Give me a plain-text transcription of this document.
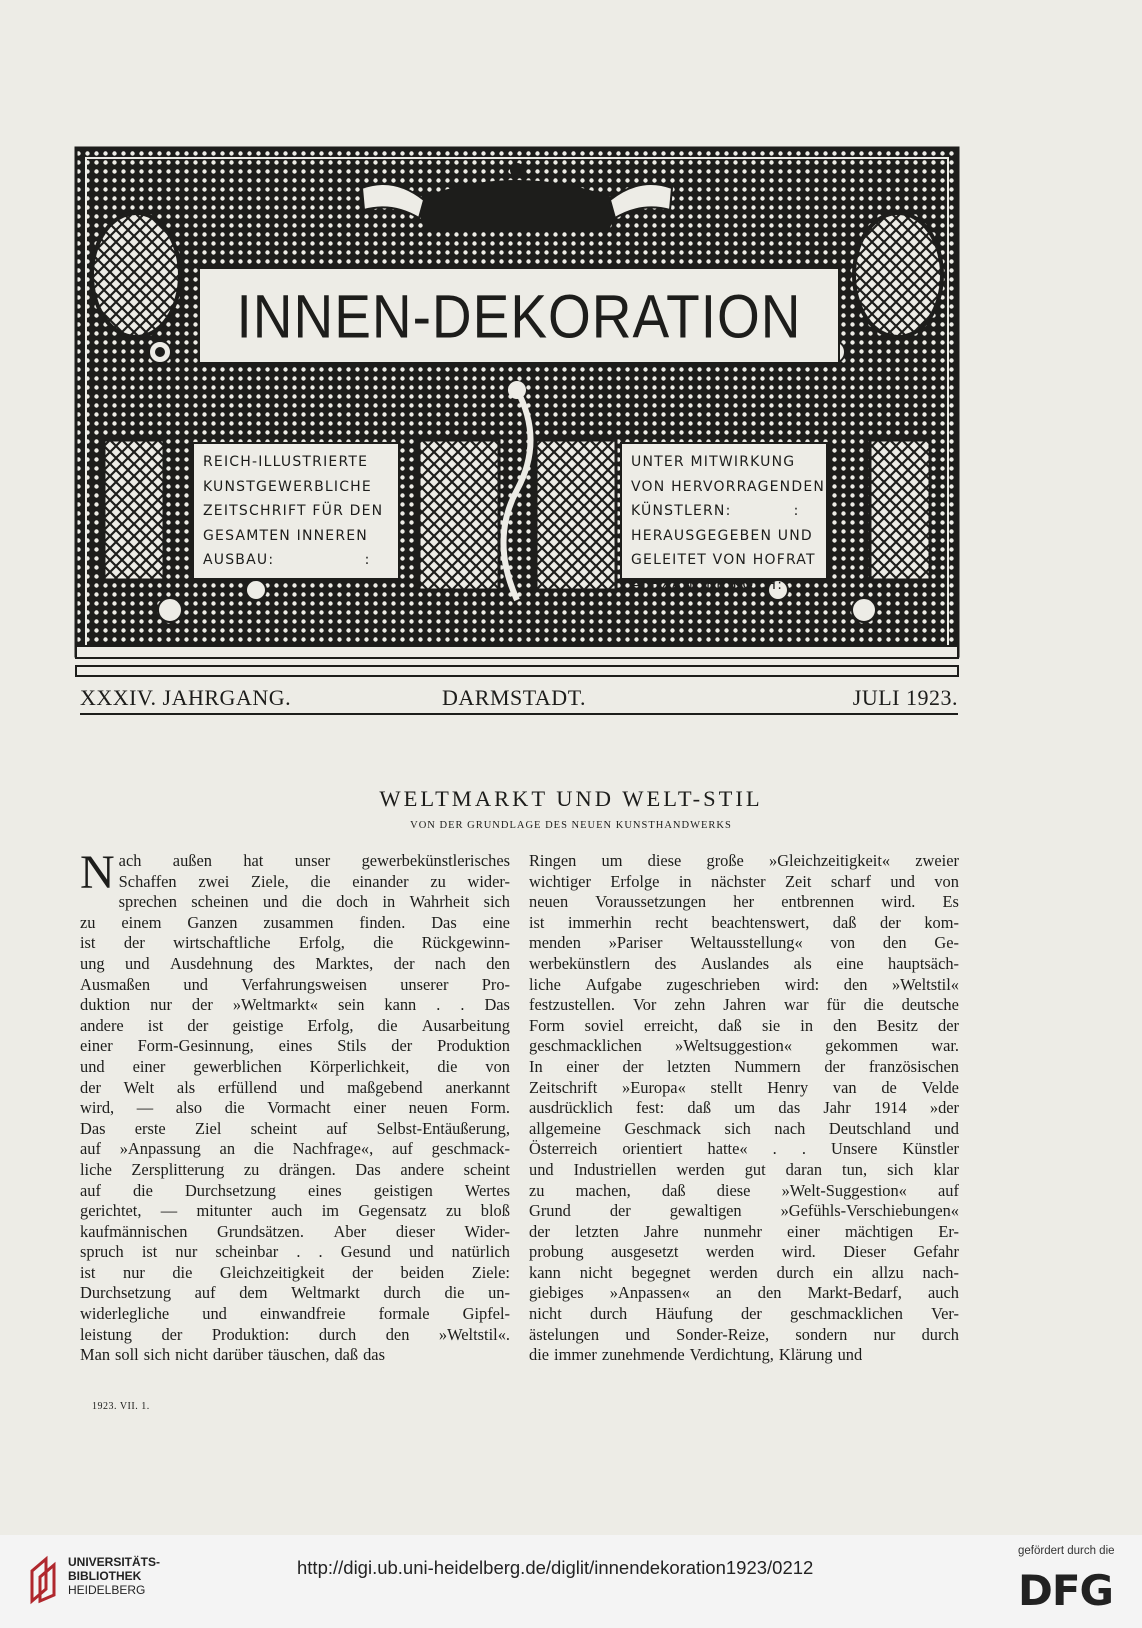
INNEN-DEKORATION
REICH-ILLUSTRIERTE
KUNSTGEWERBLICHE
ZEITSCHRIFT FÜR DEN
GESAMTEN INNEREN
AUSBAU:                :
UNTER MITWIRKUNG
VON HERVORRAGENDEN
KÜNSTLERN:           :
HERAUSGEGEBEN UND
GELEITET VON HOFRAT
ALEXANDER KOCH:  :
XXXIV. JAHRGANG.	DARMSTADT.	JULI 1923.
WELTMARKT UND WELT-STIL
VON DER GRUNDLAGE DES NEUEN KUNSTHANDWERKS
N ach außen hat unser gewerbekünstlerisches
Schaffen zwei Ziele, die einander zu wider-
sprechen scheinen und die doch in Wahrheit sich
zu einem Ganzen zusammen finden. Das eine
ist der wirtschaftliche Erfolg, die Rückgewinn-
ung und Ausdehnung des Marktes, der nach den
Ausmaßen und Verfahrungsweisen unserer Pro-
duktion nur der »Weltmarkt« sein kann . . Das
andere ist der geistige Erfolg, die Ausarbeitung
einer Form-Gesinnung, eines Stils der Produktion
und einer gewerblichen Körperlichkeit, die von
der Welt als erfüllend und maßgebend anerkannt
wird, — also die Vormacht einer neuen Form.
Das erste Ziel scheint auf Selbst-Entäußerung,
auf »Anpassung an die Nachfrage«, auf geschmack-
liche Zersplitterung zu drängen. Das andere scheint
auf die Durchsetzung eines geistigen Wertes
gerichtet, — mitunter auch im Gegensatz zu bloß
kaufmännischen Grundsätzen. Aber dieser Wider-
spruch ist nur scheinbar . . Gesund und natürlich
ist nur die Gleichzeitigkeit der beiden Ziele:
Durchsetzung auf dem Weltmarkt durch die un-
widerlegliche und einwandfreie formale Gipfel-
leistung der Produktion: durch den »Weltstil«.
Man soll sich nicht darüber täuschen, daß das
Ringen um diese große »Gleichzeitigkeit« zweier
wichtiger Erfolge in nächster Zeit scharf und von
neuen Voraussetzungen her entbrennen wird. Es
ist immerhin recht beachtenswert, daß der kom-
menden »Pariser Weltausstellung« von den Ge-
werbekünstlern des Auslandes als eine hauptsäch-
liche Aufgabe zugeschrieben wird: den »Weltstil«
festzustellen. Vor zehn Jahren war für die deutsche
Form soviel erreicht, daß sie in den Besitz der
geschmacklichen »Weltsuggestion« gekommen war.
In einer der letzten Nummern der französischen
Zeitschrift »Europa« stellt Henry van de Velde
ausdrücklich fest: daß um das Jahr 1914 »der
allgemeine Geschmack sich nach Deutschland und
Österreich orientiert hatte« . . Unsere Künstler
und Industriellen werden gut daran tun, sich klar
zu machen, daß diese »Welt-Suggestion« auf
Grund der gewaltigen »Gefühls-Verschiebungen«
der letzten Jahre nunmehr einer mächtigen Er-
probung ausgesetzt werden wird. Dieser Gefahr
kann nicht begegnet werden durch ein allzu nach-
giebiges »Anpassen« an den Markt-Bedarf, auch
nicht durch Häufung der geschmacklichen Ver-
ästelungen und Sonder-Reize, sondern nur durch
die immer zunehmende Verdichtung, Klärung und
1923. VII. 1.
UNIVERSITÄTS-
BIBLIOTHEK
HEIDELBERG
http://digi.ub.uni-heidelberg.de/diglit/innendekoration1923/0212
gefördert durch die
DFG
